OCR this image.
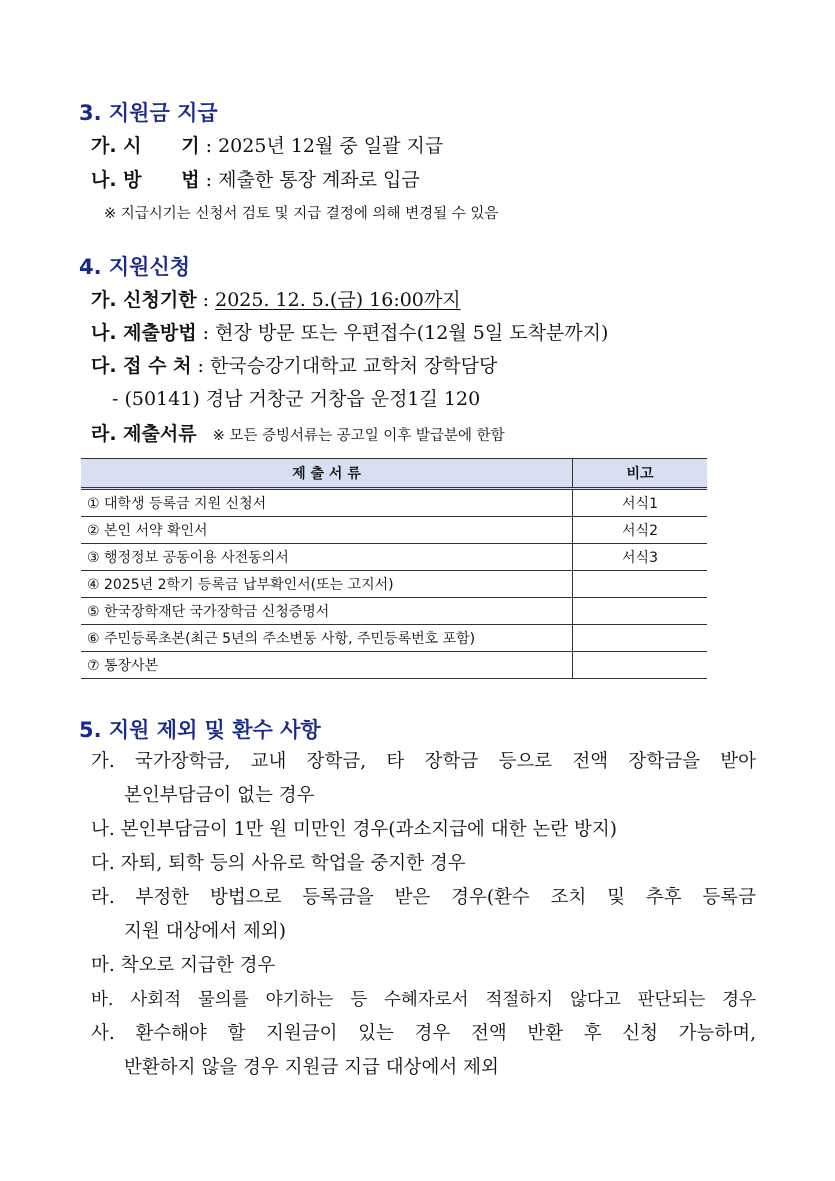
3. 지원금 지급
가. 시      기 : 2025년 12월 중 일괄 지급
나. 방      법 : 제출한 통장 계좌로 입금
※ 지급시기는 신청서 검토 및 지급 결정에 의해 변경될 수 있음
4. 지원신청
가. 신청기한 : 2025. 12. 5.(금) 16:00까지
나. 제출방법 : 현장 방문 또는 우편접수(12월 5일 도착분까지)
다. 접 수 처 : 한국승강기대학교 교학처 장학담당
- (50141) 경남 거창군 거창읍 운정1길 120
라. 제출서류 ※ 모든 증빙서류는 공고일 이후 발급분에 한함
제 출 서 류	비고
① 대학생 등록금 지원 신청서	서식1
② 본인 서약 확인서	서식2
③ 행정정보 공동이용 사전동의서	서식3
④ 2025년 2학기 등록금 납부확인서(또는 고지서)	
⑤ 한국장학재단 국가장학금 신청증명서	
⑥ 주민등록초본(최근 5년의 주소변동 사항, 주민등록번호 포함)	
⑦ 통장사본	
5. 지원 제외 및 환수 사항
가. 국가장학금, 교내 장학금, 타 장학금 등으로 전액 장학금을 받아
본인부담금이 없는 경우
나. 본인부담금이 1만 원 미만인 경우(과소지급에 대한 논란 방지)
다. 자퇴, 퇴학 등의 사유로 학업을 중지한 경우
라. 부정한 방법으로 등록금을 받은 경우(환수 조치 및 추후 등록금
지원 대상에서 제외)
마. 착오로 지급한 경우
바. 사회적 물의를 야기하는 등 수혜자로서 적절하지 않다고 판단되는 경우
사. 환수해야 할 지원금이 있는 경우 전액 반환 후 신청 가능하며,
반환하지 않을 경우 지원금 지급 대상에서 제외
